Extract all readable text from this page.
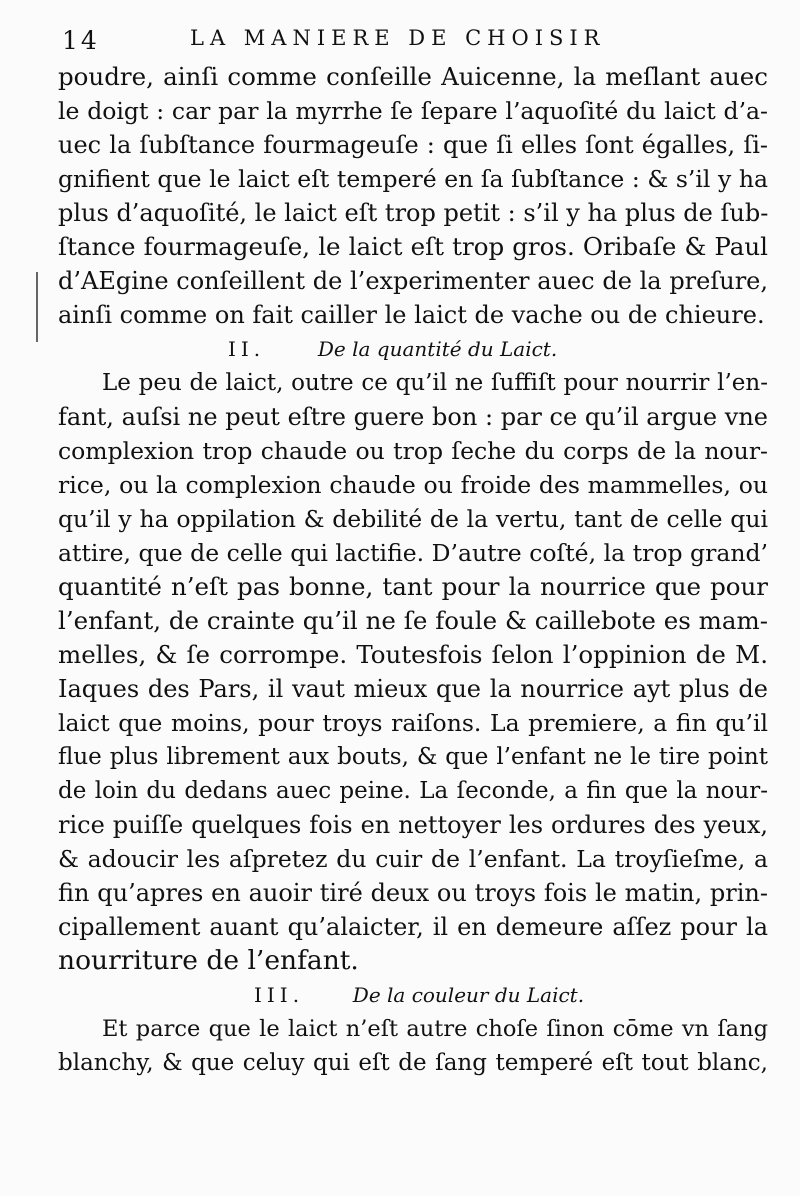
14	LA MANIERE DE CHOISIR
poudre, ainſi comme conſeille Auicenne, la meſlant auec
le doigt : car par la myrrhe ſe ſepare l’aquoſité du laict d’a-
uec la ſubſtance fourmageuſe : que ſi elles ſont égalles, ſi-
gnifient que le laict eſt temperé en ſa ſubſtance : & s’il y ha
plus d’aquoſité, le laict eſt trop petit : s’il y ha plus de ſub-
ſtance fourmageuſe, le laict eſt trop gros. Oribaſe & Paul
d’AEgine conſeillent de l’experimenter auec de la preſure,
ainſi comme on fait cailler le laict de vache ou de chieure.
II.	De la quantité du Laict.
Le peu de laict, outre ce qu’il ne ſuffiſt pour nourrir l’en-
fant, auſsi ne peut eſtre guere bon : par ce qu’il argue vne
complexion trop chaude ou trop ſeche du corps de la nour-
rice, ou la complexion chaude ou froide des mammelles, ou
qu’il y ha oppilation & debilité de la vertu, tant de celle qui
attire, que de celle qui lactifie. D’autre coſté, la trop grand’
quantité n’eſt pas bonne, tant pour la nourrice que pour
l’enfant, de crainte qu’il ne ſe foule & caillebote es mam-
melles, & ſe corrompe. Toutesfois ſelon l’oppinion de M.
Iaques des Pars, il vaut mieux que la nourrice ayt plus de
laict que moins, pour troys raiſons. La premiere, a fin qu’il
flue plus librement aux bouts, & que l’enfant ne le tire point
de loin du dedans auec peine. La ſeconde, a fin que la nour-
rice puiſſe quelques fois en nettoyer les ordures des yeux,
& adoucir les aſpretez du cuir de l’enfant. La troyſieſme, a
fin qu’apres en auoir tiré deux ou troys fois le matin, prin-
cipallement auant qu’alaicter, il en demeure aſſez pour la
nourriture de l’enfant.
III. De la couleur du Laict.
Et parce que le laict n’eſt autre choſe ſinon cōme vn ſang
blanchy, & que celuy qui eſt de ſang temperé eſt tout blanc,
